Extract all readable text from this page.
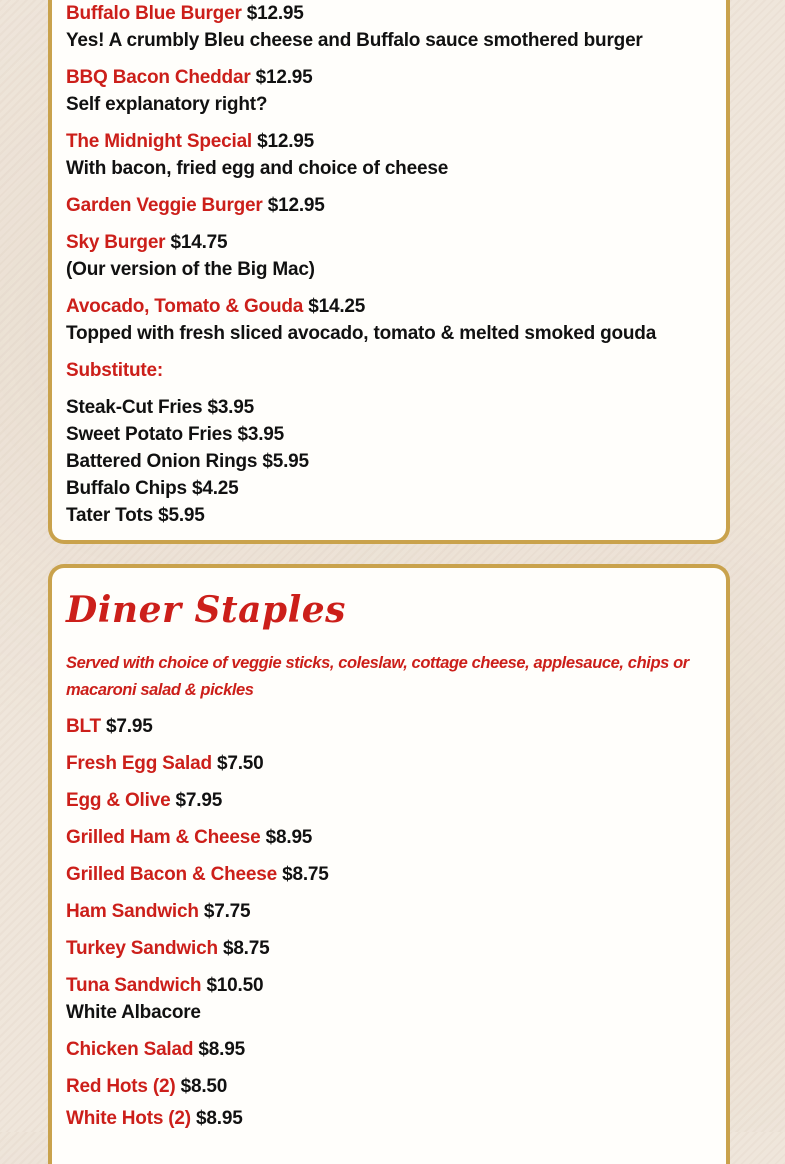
Buffalo Blue Burger $12.95

Yes! A crumbly Bleu cheese and Buffalo sauce smothered burger

BBQ Bacon Cheddar $12.95

Self explanatory right?

The Midnight Special $12.95

With bacon, fried egg and choice of cheese

Garden Veggie Burger $12.95

Sky Burger $14.75

(Our version of the Big Mac)

Avocado, Tomato & Gouda $14.25

Topped with fresh sliced avocado, tomato & melted smoked gouda

Substitute:

Steak-Cut Fries $3.95

Sweet Potato Fries $3.95

Battered Onion Rings $5.95

Buffalo Chips $4.25

Tater Tots $5.95

Diner Staples

Served with choice of veggie sticks, coleslaw, cottage cheese, applesauce, chips or macaroni salad & pickles

BLT $7.95

Fresh Egg Salad $7.50

Egg & Olive $7.95

Grilled Ham & Cheese $8.95

Grilled Bacon & Cheese $8.75

Ham Sandwich $7.75

Turkey Sandwich $8.75

Tuna Sandwich $10.50

White Albacore

Chicken Salad $8.95

Red Hots (2) $8.50

White Hots (2) $8.95
